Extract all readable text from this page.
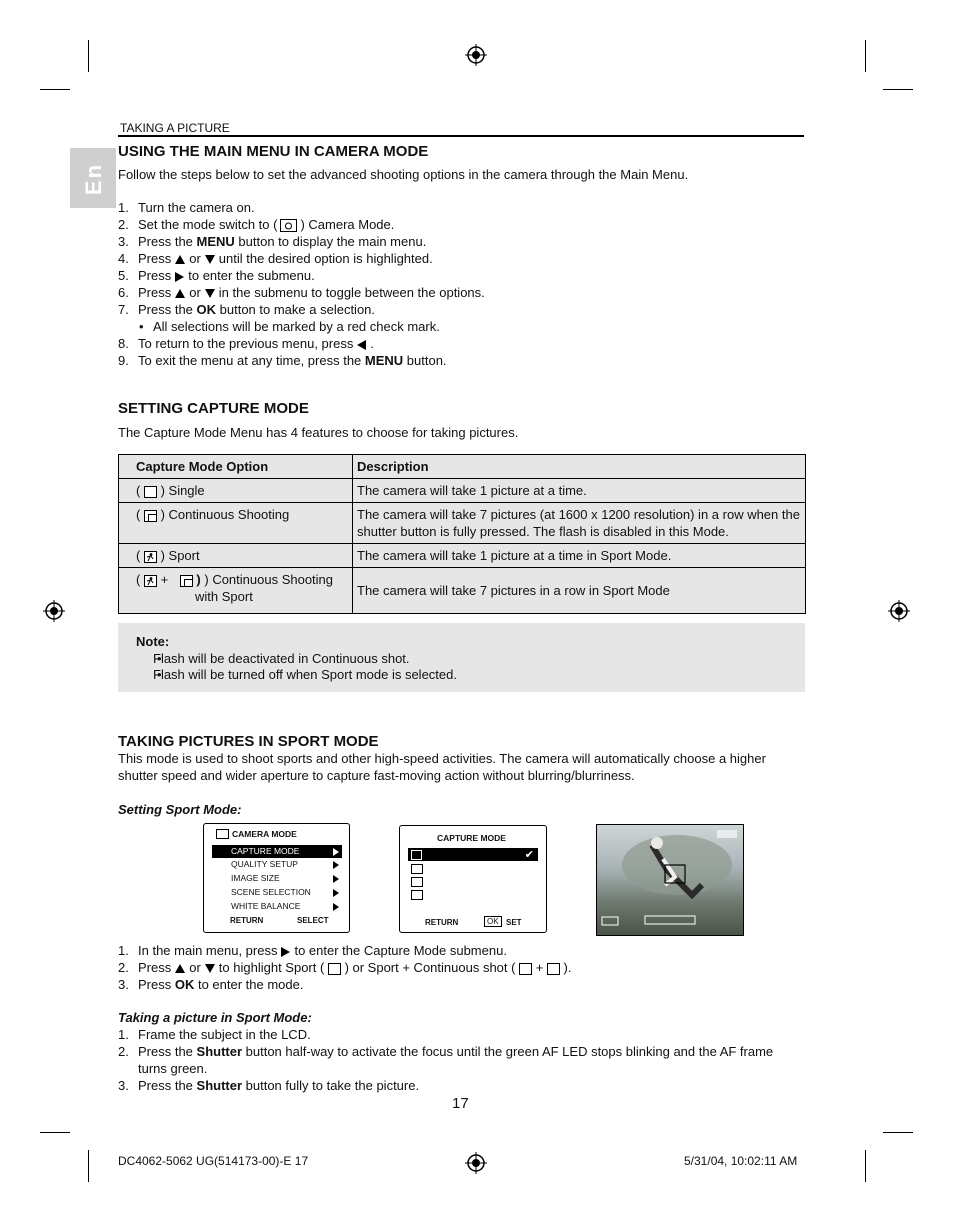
En
TAKING A PICTURE
USING THE MAIN MENU IN CAMERA MODE
Follow the steps below to set the advanced shooting options in the camera through the Main Menu.
1. Turn the camera on.
2. Set the mode switch to ( ) Camera Mode.
3. Press the MENU button to display the main menu.
4. Press or until the desired option is highlighted.
5. Press to enter the submenu.
6. Press or in the submenu to toggle between the options.
7. Press the OK button to make a selection.
• All selections will be marked by a red check mark.
8. To return to the previous menu, press .
9. To exit the menu at any time, press the MENU button.
SETTING CAPTURE MODE
The Capture Mode Menu has 4 features to choose for taking pictures.
Capture Mode Option	Description
(  ) Single	The camera will take 1 picture at a time.
(
) Continuous Shooting	The camera will take 7 pictures (at 1600 x 1200 resolution) in a row when the shutter button is fully pressed. The flash is disabled in this Mode.
(
) Sport	The camera will take 1 picture at a time in Sport Mode.
(
+
) ) Continuous Shooting
with Sport	The camera will take 7 pictures in a row in Sport Mode
Note:
• Flash will be deactivated in Continuous shot.
• Flash will be turned off when Sport mode is selected.
TAKING PICTURES IN SPORT MODE
This mode is used to shoot sports and other high-speed activities. The camera will automatically choose a higher shutter speed and wider aperture to capture fast-moving action without blurring/blurriness.
Setting Sport Mode:
CAMERA MODE
CAPTURE MODE
QUALITY SETUP
IMAGE SIZE
SCENE SELECTION
WHITE BALANCE
RETURN	SELECT
CAPTURE MODE
✔
RETURN	OK SET
1. In the main menu, press to enter the Capture Mode submenu.
2. Press or to highlight Sport ( ) or Sport + Continuous shot (  +  ).
3. Press OK to enter the mode.
Taking a picture in Sport Mode:
1. Frame the subject in the LCD.
2. Press the Shutter button half-way to activate the focus until the green AF LED stops blinking and the AF frame turns green.
3. Press the Shutter button fully to take the picture.
17
DC4062-5062 UG(514173-00)-E 17	5/31/04, 10:02:11 AM
